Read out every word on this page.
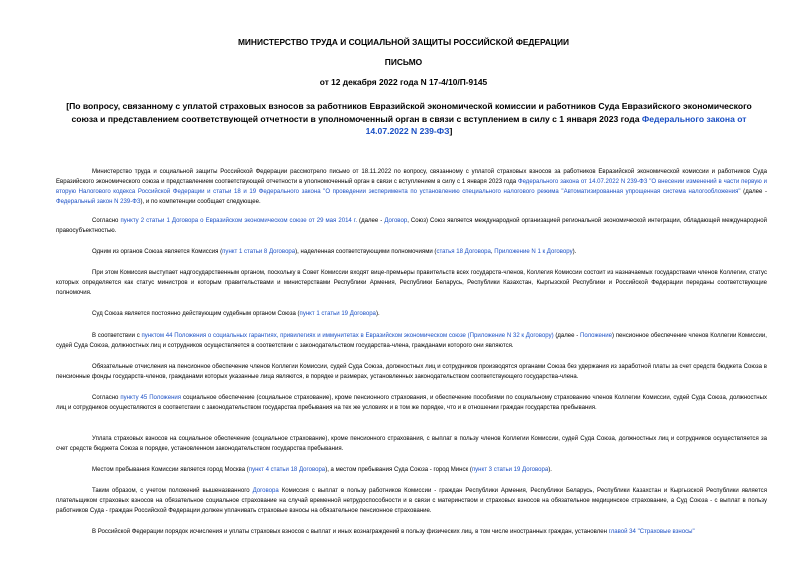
МИНИСТЕРСТВО ТРУДА И СОЦИАЛЬНОЙ ЗАЩИТЫ РОССИЙСКОЙ ФЕДЕРАЦИИ
ПИСЬМО
от 12 декабря 2022 года N 17-4/10/П-9145
[По вопросу, связанному с уплатой страховых взносов за работников Евразийской экономической комиссии и работников Суда Евразийского экономического союза и представлением соответствующей отчетности в уполномоченный орган в связи с вступлением в силу с 1 января 2023 года Федерального закона от 14.07.2022 N 239-ФЗ]

Министерство труда и социальной защиты Российской Федерации рассмотрело письмо от 18.11.2022 по вопросу, связанному с уплатой страховых взносов за работников Евразийской экономической комиссии и работников Суда Евразийского экономического союза и представлением соответствующей отчетности в уполномоченный орган в связи с вступлением в силу с 1 января 2023 года Федерального закона от 14.07.2022 N 239-ФЗ "О внесении изменений в части первую и вторую Налогового кодекса Российской Федерации и статьи 18 и 19 Федерального закона "О проведении эксперимента по установлению специального налогового режима "Автоматизированная упрощенная система налогообложения" (далее - Федеральный закон N 239-ФЗ), и по компетенции сообщает следующее.

Согласно пункту 2 статьи 1 Договора о Евразийском экономическом союзе от 29 мая 2014 г. (далее - Договор, Союз) Союз является международной организацией региональной экономической интеграции, обладающей международной правосубъектностью.

Одним из органов Союза является Комиссия (пункт 1 статьи 8 Договора), наделенная соответствующими полномочиями (статья 18 Договора, Приложение N 1 к Договору).

При этом Комиссия выступает надгосударственным органом, поскольку в Совет Комиссии входят вице-премьеры правительств всех государств-членов, Коллегия Комиссии состоит из назначаемых государствами членов Коллегии, статус которых определяется как статус министров и которым правительствами и министерствами Республики Армения, Республики Беларусь, Республики Казахстан, Кыргызской Республики и Российской Федерации переданы соответствующие полномочия.

Суд Союза является постоянно действующим судебным органом Союза (пункт 1 статьи 19 Договора).

В соответствии с пунктом 44 Положения о социальных гарантиях, привилегиях и иммунитетах в Евразийском экономическом союзе (Приложение N 32 к Договору) (далее - Положение) пенсионное обеспечение членов Коллегии Комиссии, судей Суда Союза, должностных лиц и сотрудников осуществляется в соответствии с законодательством государства-члена, гражданами которого они являются.

Обязательные отчисления на пенсионное обеспечение членов Коллегии Комиссии, судей Суда Союза, должностных лиц и сотрудников производятся органами Союза без удержания из заработной платы за счет средств бюджета Союза в пенсионные фонды государств-членов, гражданами которых указанные лица являются, в порядке и размерах, установленных законодательством соответствующего государства-члена.

Согласно пункту 45 Положения социальное обеспечение (социальное страхование), кроме пенсионного страхования, и обеспечение пособиями по социальному страхованию членов Коллегии Комиссии, судей Суда Союза, должностных лиц и сотрудников осуществляются в соответствии с законодательством государства пребывания на тех же условиях и в том же порядке, что и в отношении граждан государства пребывания.

Уплата страховых взносов на социальное обеспечение (социальное страхование), кроме пенсионного страхования, с выплат в пользу членов Коллегии Комиссии, судей Суда Союза, должностных лиц и сотрудников осуществляется за счет средств бюджета Союза в порядке, установленном законодательством государства пребывания.

Местом пребывания Комиссии является город Москва (пункт 4 статьи 18 Договора), а местом пребывания Суда Союза - город Минск (пункт 3 статьи 19 Договора).

Таким образом, с учетом положений вышеназванного Договора Комиссия с выплат в пользу работников Комиссии - граждан Республики Армения, Республики Беларусь, Республики Казахстан и Кыргызской Республики является плательщиком страховых взносов на обязательное социальное страхование на случай временной нетрудоспособности и в связи с материнством и страховых взносов на обязательное медицинское страхование, а Суд Союза - с выплат в пользу работников Суда - граждан Российской Федерации должен уплачивать страховые взносы на обязательное пенсионное страхование.

В Российской Федерации порядок исчисления и уплаты страховых взносов с выплат и иных вознаграждений в пользу физических лиц, в том числе иностранных граждан, установлен главой 34 "Страховые взносы"
